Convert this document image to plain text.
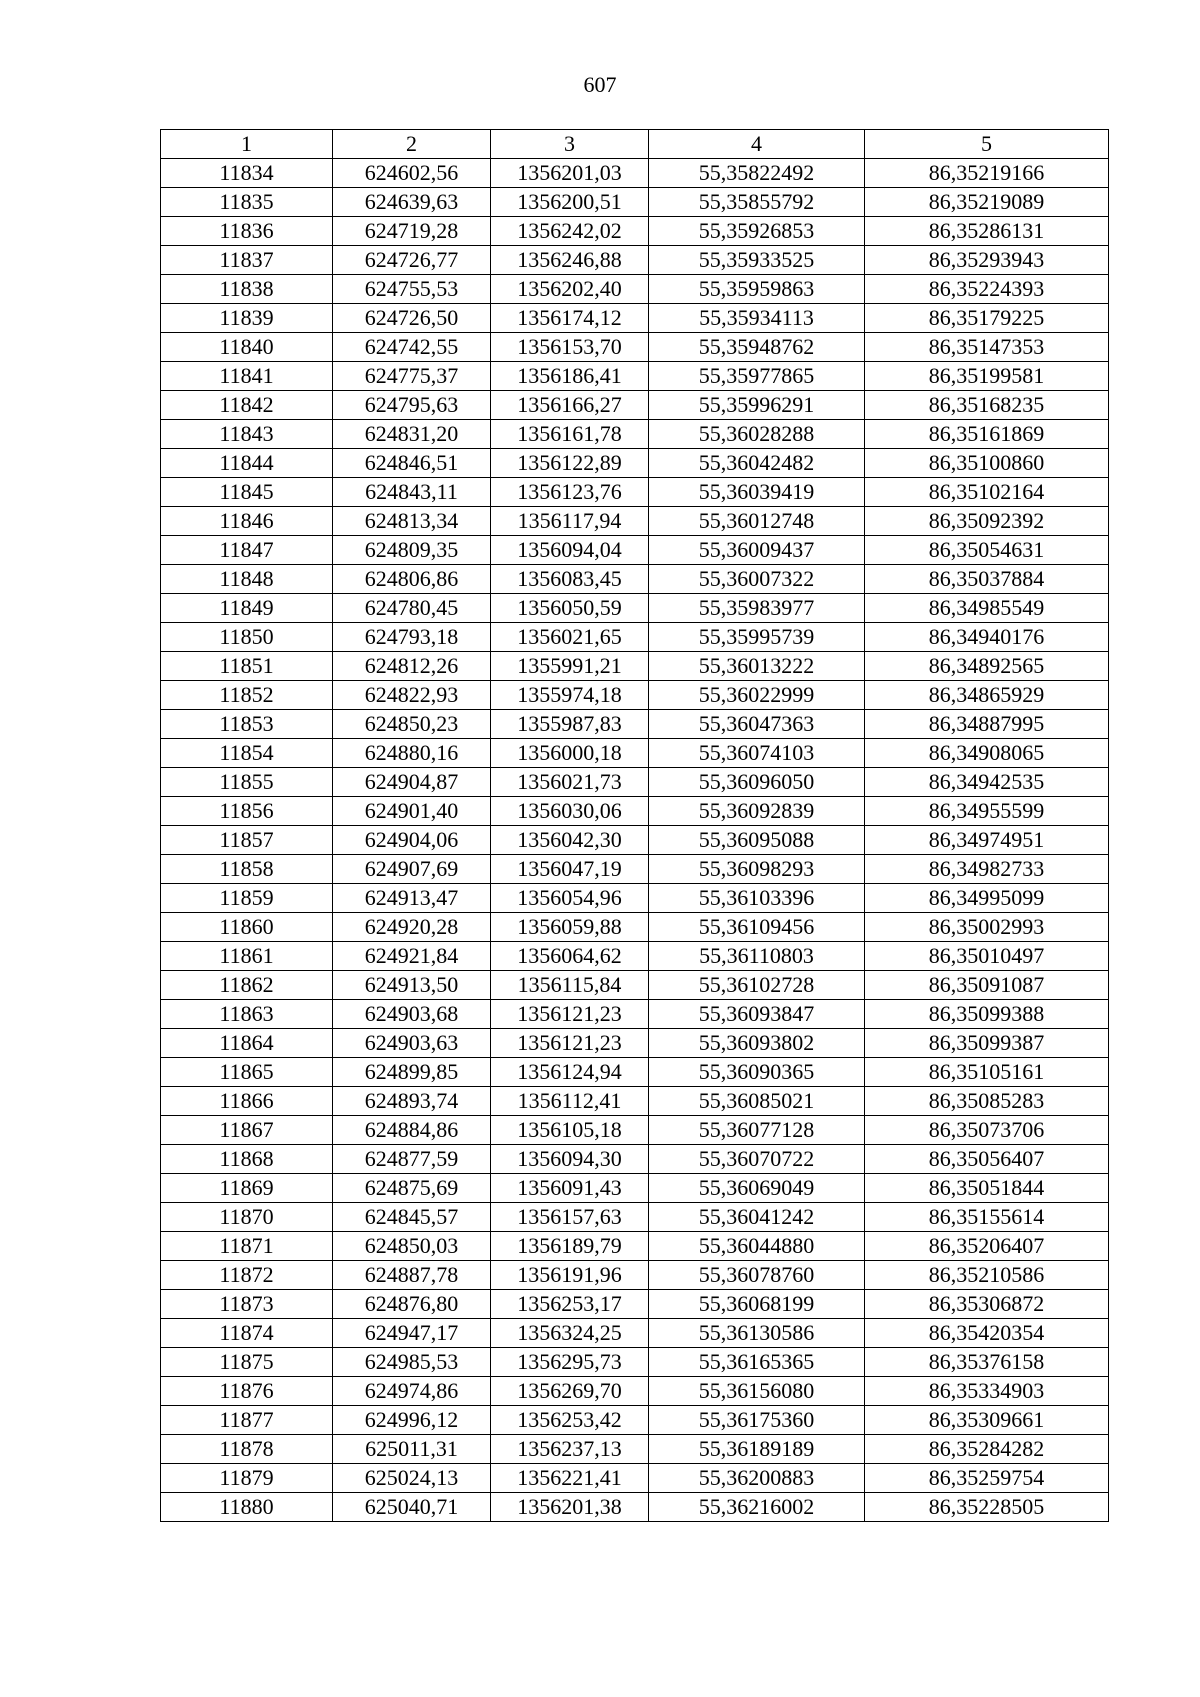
607
1	2	3	4	5
11834	624602,56	1356201,03	55,35822492	86,35219166
11835	624639,63	1356200,51	55,35855792	86,35219089
11836	624719,28	1356242,02	55,35926853	86,35286131
11837	624726,77	1356246,88	55,35933525	86,35293943
11838	624755,53	1356202,40	55,35959863	86,35224393
11839	624726,50	1356174,12	55,35934113	86,35179225
11840	624742,55	1356153,70	55,35948762	86,35147353
11841	624775,37	1356186,41	55,35977865	86,35199581
11842	624795,63	1356166,27	55,35996291	86,35168235
11843	624831,20	1356161,78	55,36028288	86,35161869
11844	624846,51	1356122,89	55,36042482	86,35100860
11845	624843,11	1356123,76	55,36039419	86,35102164
11846	624813,34	1356117,94	55,36012748	86,35092392
11847	624809,35	1356094,04	55,36009437	86,35054631
11848	624806,86	1356083,45	55,36007322	86,35037884
11849	624780,45	1356050,59	55,35983977	86,34985549
11850	624793,18	1356021,65	55,35995739	86,34940176
11851	624812,26	1355991,21	55,36013222	86,34892565
11852	624822,93	1355974,18	55,36022999	86,34865929
11853	624850,23	1355987,83	55,36047363	86,34887995
11854	624880,16	1356000,18	55,36074103	86,34908065
11855	624904,87	1356021,73	55,36096050	86,34942535
11856	624901,40	1356030,06	55,36092839	86,34955599
11857	624904,06	1356042,30	55,36095088	86,34974951
11858	624907,69	1356047,19	55,36098293	86,34982733
11859	624913,47	1356054,96	55,36103396	86,34995099
11860	624920,28	1356059,88	55,36109456	86,35002993
11861	624921,84	1356064,62	55,36110803	86,35010497
11862	624913,50	1356115,84	55,36102728	86,35091087
11863	624903,68	1356121,23	55,36093847	86,35099388
11864	624903,63	1356121,23	55,36093802	86,35099387
11865	624899,85	1356124,94	55,36090365	86,35105161
11866	624893,74	1356112,41	55,36085021	86,35085283
11867	624884,86	1356105,18	55,36077128	86,35073706
11868	624877,59	1356094,30	55,36070722	86,35056407
11869	624875,69	1356091,43	55,36069049	86,35051844
11870	624845,57	1356157,63	55,36041242	86,35155614
11871	624850,03	1356189,79	55,36044880	86,35206407
11872	624887,78	1356191,96	55,36078760	86,35210586
11873	624876,80	1356253,17	55,36068199	86,35306872
11874	624947,17	1356324,25	55,36130586	86,35420354
11875	624985,53	1356295,73	55,36165365	86,35376158
11876	624974,86	1356269,70	55,36156080	86,35334903
11877	624996,12	1356253,42	55,36175360	86,35309661
11878	625011,31	1356237,13	55,36189189	86,35284282
11879	625024,13	1356221,41	55,36200883	86,35259754
11880	625040,71	1356201,38	55,36216002	86,35228505
